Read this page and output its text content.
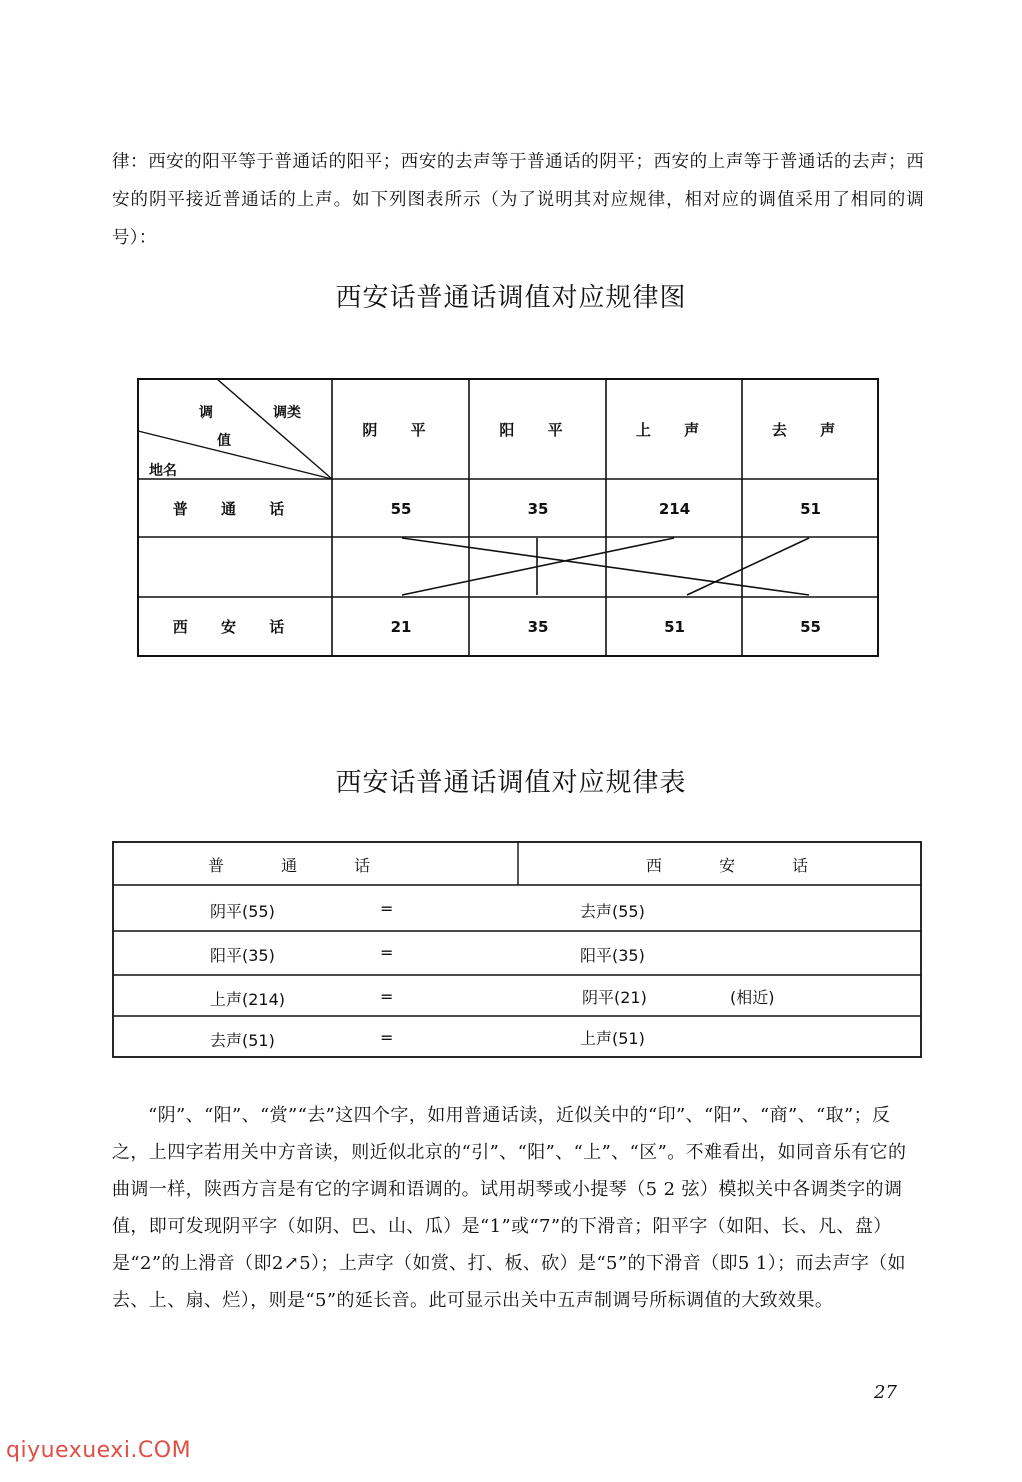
律：西安的阳平等于普通话的阳平；西安的去声等于普通话的阴平；西安的上声等于普通话的去声；西安的阴平接近普通话的上声。如下列图表所示（为了说明其对应规律，相对应的调值采用了相同的调号）：
西安话普通话调值对应规律图
调	调类
值
地名
阴 平	阳 平	上 声	去 声
普 通 话	55	35	214	51
西 安 话	21	35	51	55
西安话普通话调值对应规律表
普 通 话	西 安 话
阴平(55)	=	去声(55)
阳平(35)	=	阳平(35)
上声(214)	=	阴平(21)	(相近)
去声(51)	=	上声(51)

“阴”、“阳”、“赏”“去”这四个字，如用普通话读，近似关中的“印”、“阳”、“商”、“取”；反之，上四字若用关中方音读，则近似北京的“引”、“阳”、“上”、“区”。不难看出，如同音乐有它的曲调一样，陕西方言是有它的字调和语调的。试用胡琴或小提琴（5 2 弦）模拟关中各调类字的调值，即可发现阴平字（如阴、巴、山、瓜）是“1”或“7”的下滑音；阳平字（如阳、长、凡、盘）是“2”的上滑音（即2↗5）；上声字（如赏、打、板、砍）是“5”的下滑音（即5 1）；而去声字（如去、上、扇、烂），则是“5”的延长音。此可显示出关中五声制调号所标调值的大致效果。

27
qiyuexuexi.COM
